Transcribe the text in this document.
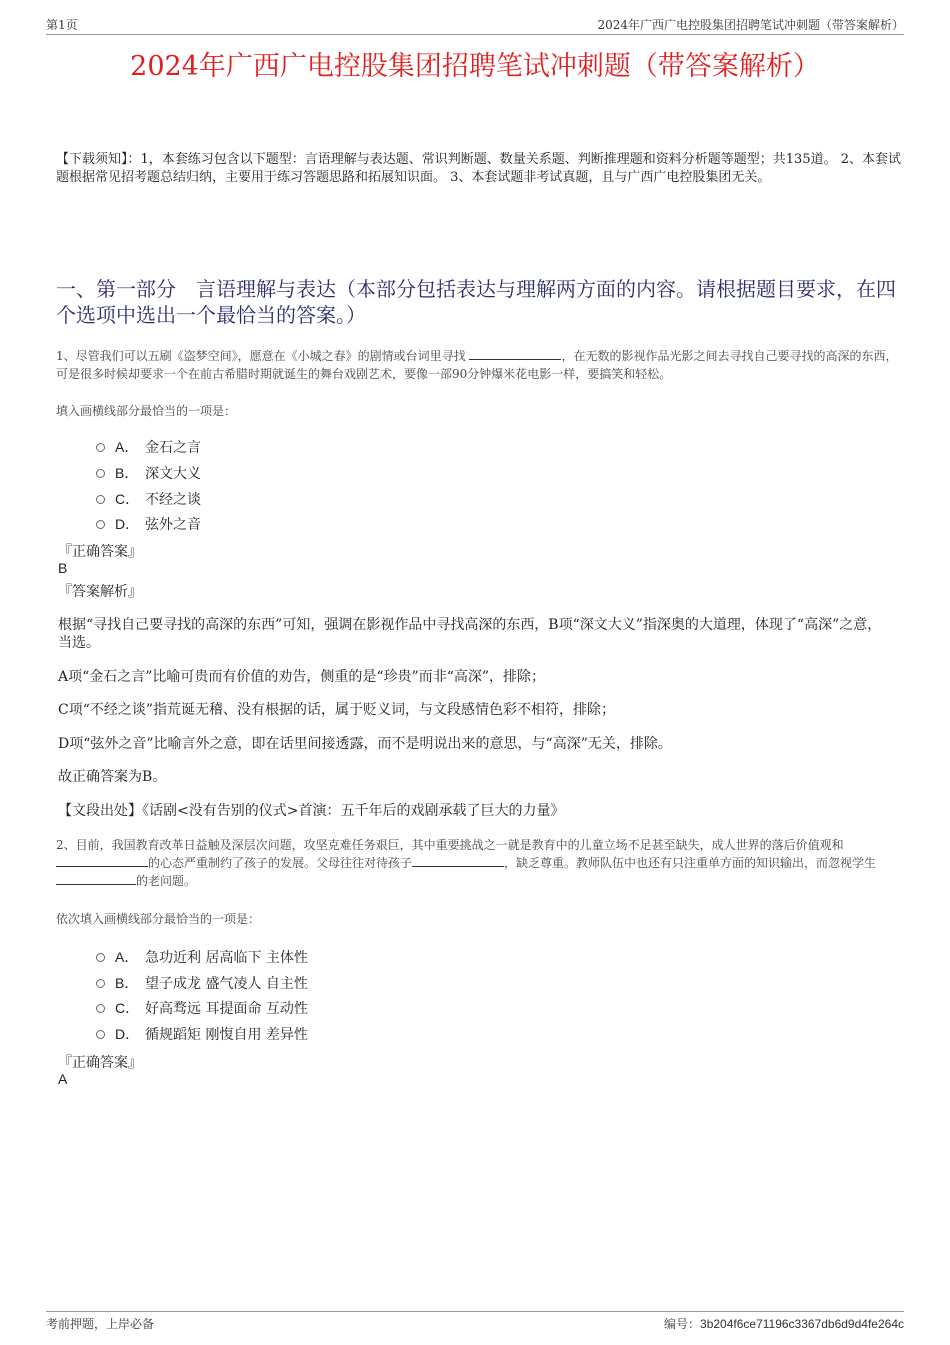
第1页	2024年广西广电控股集团招聘笔试冲刺题（带答案解析）
2024年广西广电控股集团招聘笔试冲刺题（带答案解析）
【下载须知】：1，本套练习包含以下题型：言语理解与表达题、常识判断题、数量关系题、判断推理题和资料分析题等题型；共135道。 2、本套试题根据常见招考题总结归纳，主要用于练习答题思路和拓展知识面。 3、本套试题非考试真题，且与广西广电控股集团无关。
一、第一部分　言语理解与表达（本部分包括表达与理解两方面的内容。请根据题目要求，在四个选项中选出一个最恰当的答案。）
1、尽管我们可以五刷《盗梦空间》，愿意在《小城之春》的剧情或台词里寻找	，在无数的影视作品光影之间去寻找自己要寻找的高深的东西，可是很多时候却要求一个在前古希腊时期就诞生的舞台戏剧艺术，要像一部90分钟爆米花电影一样，要搞笑和轻松。
填入画横线部分最恰当的一项是：
A． 金石之言
B． 深文大义
C． 不经之谈
D． 弦外之音
『正确答案』
B
『答案解析』
根据“寻找自己要寻找的高深的东西”可知，强调在影视作品中寻找高深的东西，B项“深文大义”指深奥的大道理，体现了“高深”之意，当选。
A项“金石之言”比喻可贵而有价值的劝告，侧重的是“珍贵”而非“高深”，排除；
C项“不经之谈”指荒诞无稽、没有根据的话，属于贬义词，与文段感情色彩不相符，排除；
D项“弦外之音”比喻言外之意，即在话里间接透露，而不是明说出来的意思，与“高深”无关，排除。
故正确答案为B。
【文段出处】《话剧<没有告别的仪式>首演：五千年后的戏剧承载了巨大的力量》
2、目前，我国教育改革日益触及深层次问题，攻坚克难任务艰巨，其中重要挑战之一就是教育中的儿童立场不足甚至缺失，成人世界的落后价值观和的心态严重制约了孩子的发展。父母往往对待孩子	，缺乏尊重。教师队伍中也还有只注重单方面的知识输出，而忽视学生的老问题。
依次填入画横线部分最恰当的一项是：
A． 急功近利 居高临下 主体性
B． 望子成龙 盛气凌人 自主性
C． 好高骛远 耳提面命 互动性
D． 循规蹈矩 刚愎自用 差异性
『正确答案』
A
考前押题，上岸必备	编号：3b204f6ce71196c3367db6d9d4fe264c
